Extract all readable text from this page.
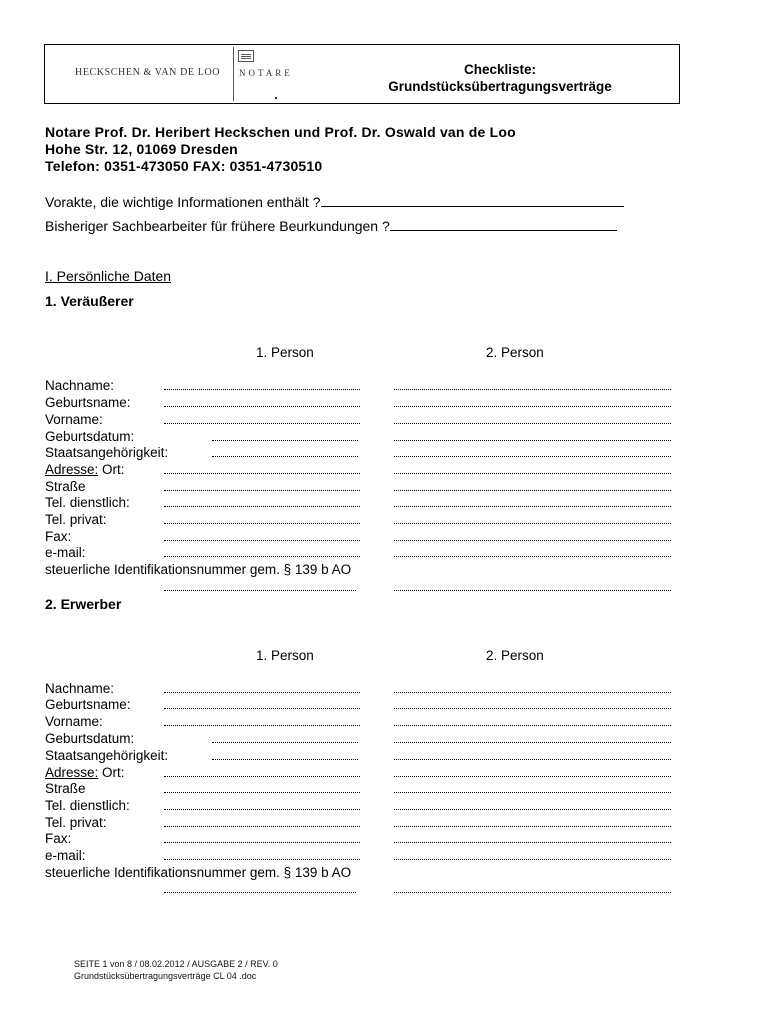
HECKSCHEN & VAN DE LOO NOTARE	Checkliste:
Grundstücksübertragungsverträge
Notare Prof. Dr. Heribert Heckschen und Prof. Dr. Oswald van de Loo
Hohe Str. 12, 01069 Dresden
Telefon: 0351-473050 FAX: 0351-4730510
Vorakte, die wichtige Informationen enthält ?
Bisheriger Sachbearbeiter für frühere Beurkundungen ?
I. Persönliche Daten
1. Veräußerer
1. Person	2. Person
Nachname:
Geburtsname:
Vorname:
Geburtsdatum:
Staatsangehörigkeit:
Adresse: Ort:
Straße
Tel. dienstlich:
Tel. privat:
Fax:
e-mail:
steuerliche Identifikationsnummer gem. § 139 b AO
2. Erwerber
1. Person	2. Person
Nachname:
Geburtsname:
Vorname:
Geburtsdatum:
Staatsangehörigkeit:
Adresse: Ort:
Straße
Tel. dienstlich:
Tel. privat:
Fax:
e-mail:
steuerliche Identifikationsnummer gem. § 139 b AO
SEITE 1 von 8 / 08.02.2012 / AUSGABE 2 / REV. 0
Grundstücksübertragungsverträge CL 04 .doc
